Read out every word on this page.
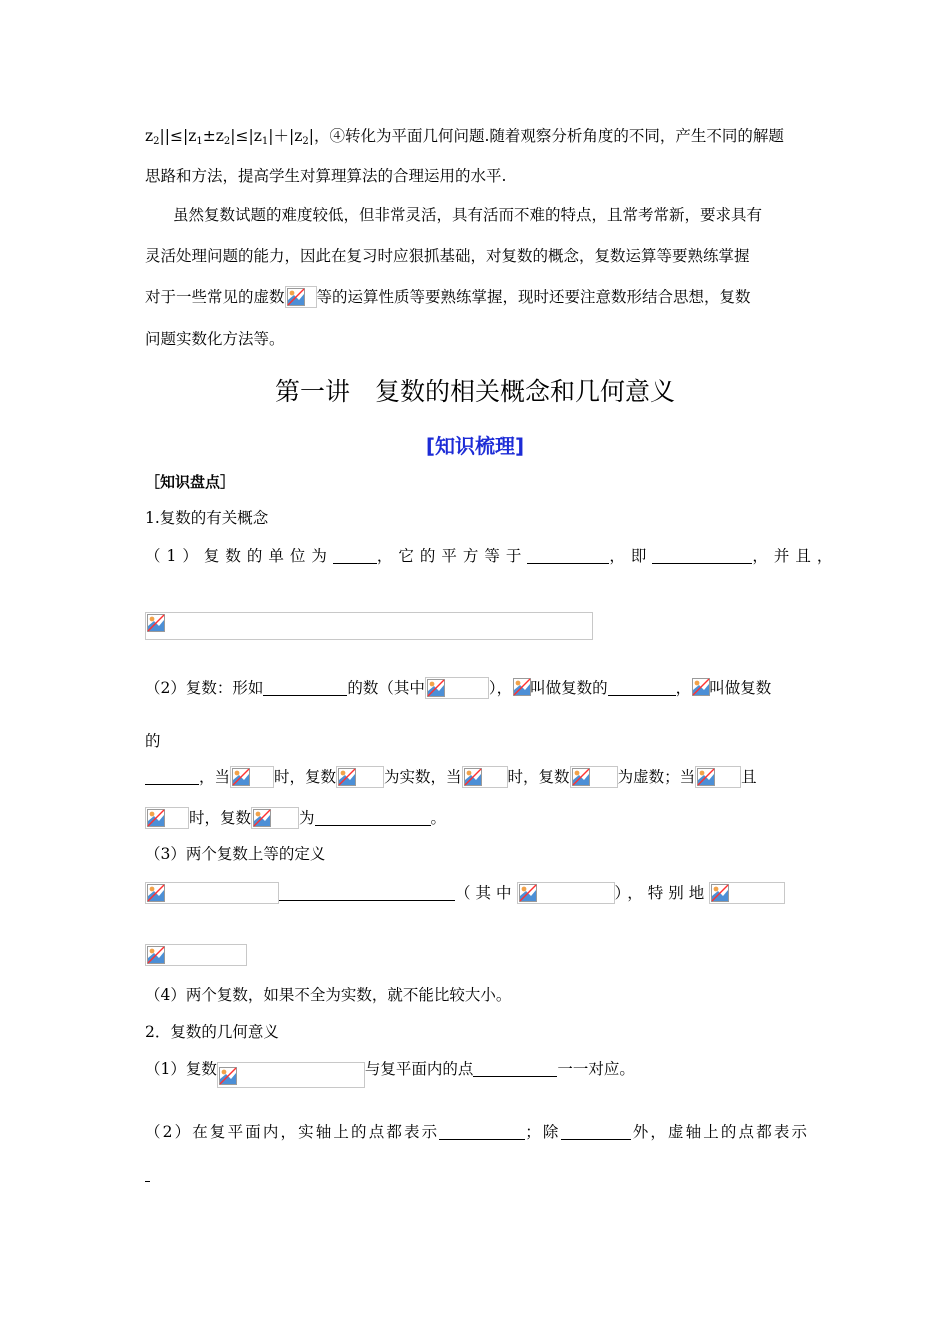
$z_2||\le|z_1\pm z_2|\le|z_1|+|z_2|$，④转化为平面几何问题.随着观察分析角度的不同，产生不同的解题
思路和方法，提高学生对算理算法的合理运用的水平.
虽然复数试题的难度较低，但非常灵活，具有活而不难的特点，且常考常新，要求具有
灵活处理问题的能力，因此在复习时应狠抓基础，对复数的概念，复数运算等要熟练掌握
对于一些常见的虚数 等的运算性质等要熟练掌握，现时还要注意数形结合思想，复数
问题实数化方法等。
第一讲　复数的相关概念和几何意义
[知识梳理]
［知识盘点］
1.复数的有关概念
（1）复数的单位为	，它的平方等于	，即	，并且，
（2）复数：形如	的数（其中	）， 叫做复数的	， 叫做复数
的
，当	时，复数	为实数，当	时，复数	为虚数；当	且
时，复数	为	。
（3）两个复数上等的定义
（其中	），特别地
（4）两个复数，如果不全为实数，就不能比较大小。
2．复数的几何意义
（1）复数	与复平面内的点	一一对应。
（2）在复平面内，实轴上的点都表示	；除	外，虚轴上的点都表示
